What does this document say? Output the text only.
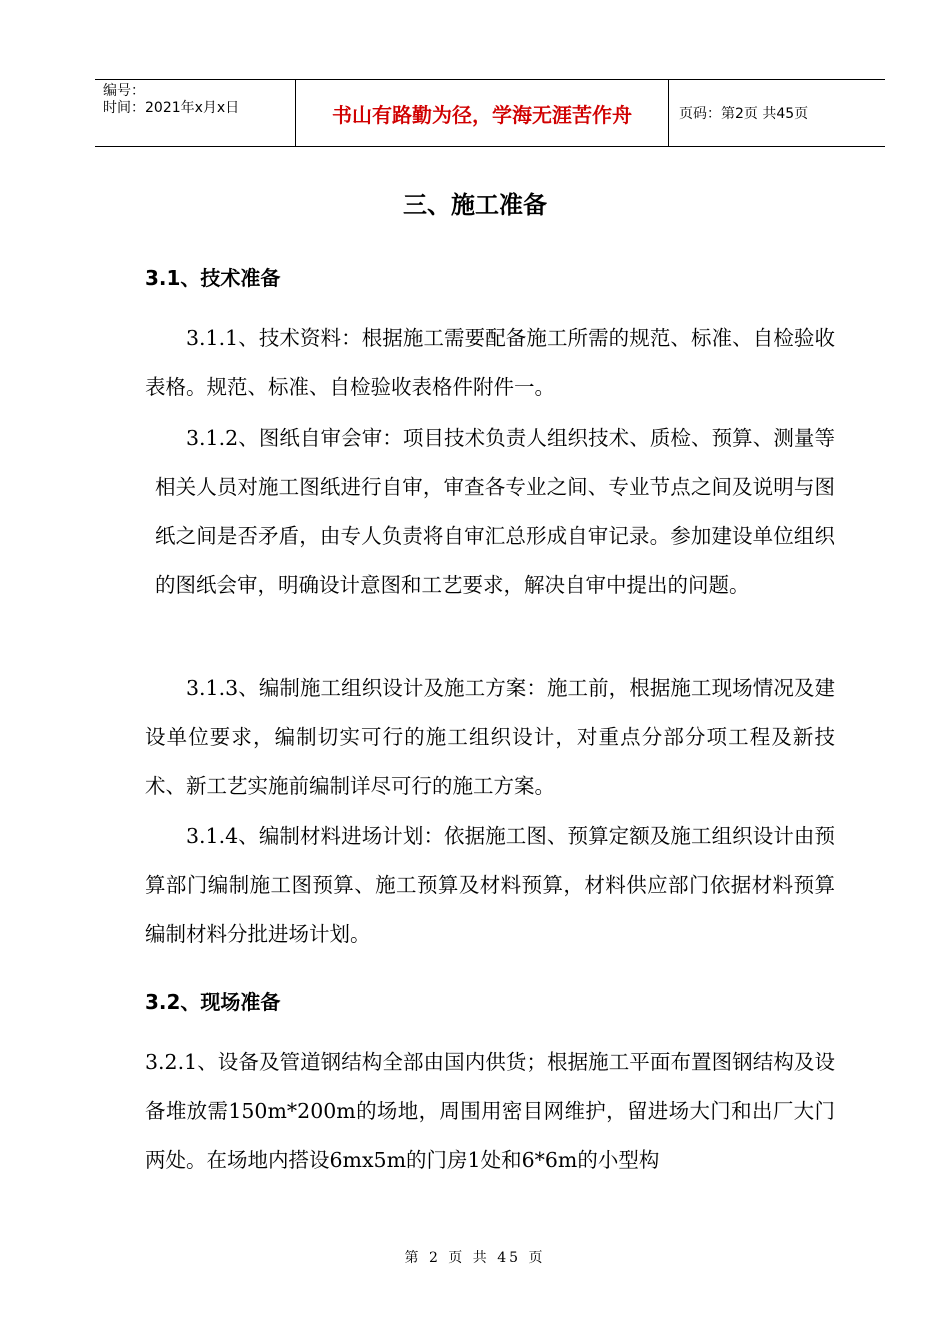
编号：
时间：2021年x月x日	书山有路勤为径，学海无涯苦作舟	页码：第2页 共45页
三、施工准备
3.1、技术准备
3.1.1、技术资料：根据施工需要配备施工所需的规范、标准、自检验收表格。规范、标准、自检验收表格件附件一。
3.1.2、图纸自审会审：项目技术负责人组织技术、质检、预算、测量等相关人员对施工图纸进行自审，审查各专业之间、专业节点之间及说明与图纸之间是否矛盾，由专人负责将自审汇总形成自审记录。参加建设单位组织的图纸会审，明确设计意图和工艺要求，解决自审中提出的问题。
3.1.3、编制施工组织设计及施工方案：施工前，根据施工现场情况及建设单位要求，编制切实可行的施工组织设计，对重点分部分项工程及新技术、新工艺实施前编制详尽可行的施工方案。
3.1.4、编制材料进场计划：依据施工图、预算定额及施工组织设计由预算部门编制施工图预算、施工预算及材料预算，材料供应部门依据材料预算编制材料分批进场计划。
3.2、现场准备
3.2.1、设备及管道钢结构全部由国内供货；根据施工平面布置图钢结构及设备堆放需150m*200m的场地，周围用密目网维护，留进场大门和出厂大门两处。在场地内搭设6mx5m的门房1处和6*6m的小型构
第 2 页 共 45 页
